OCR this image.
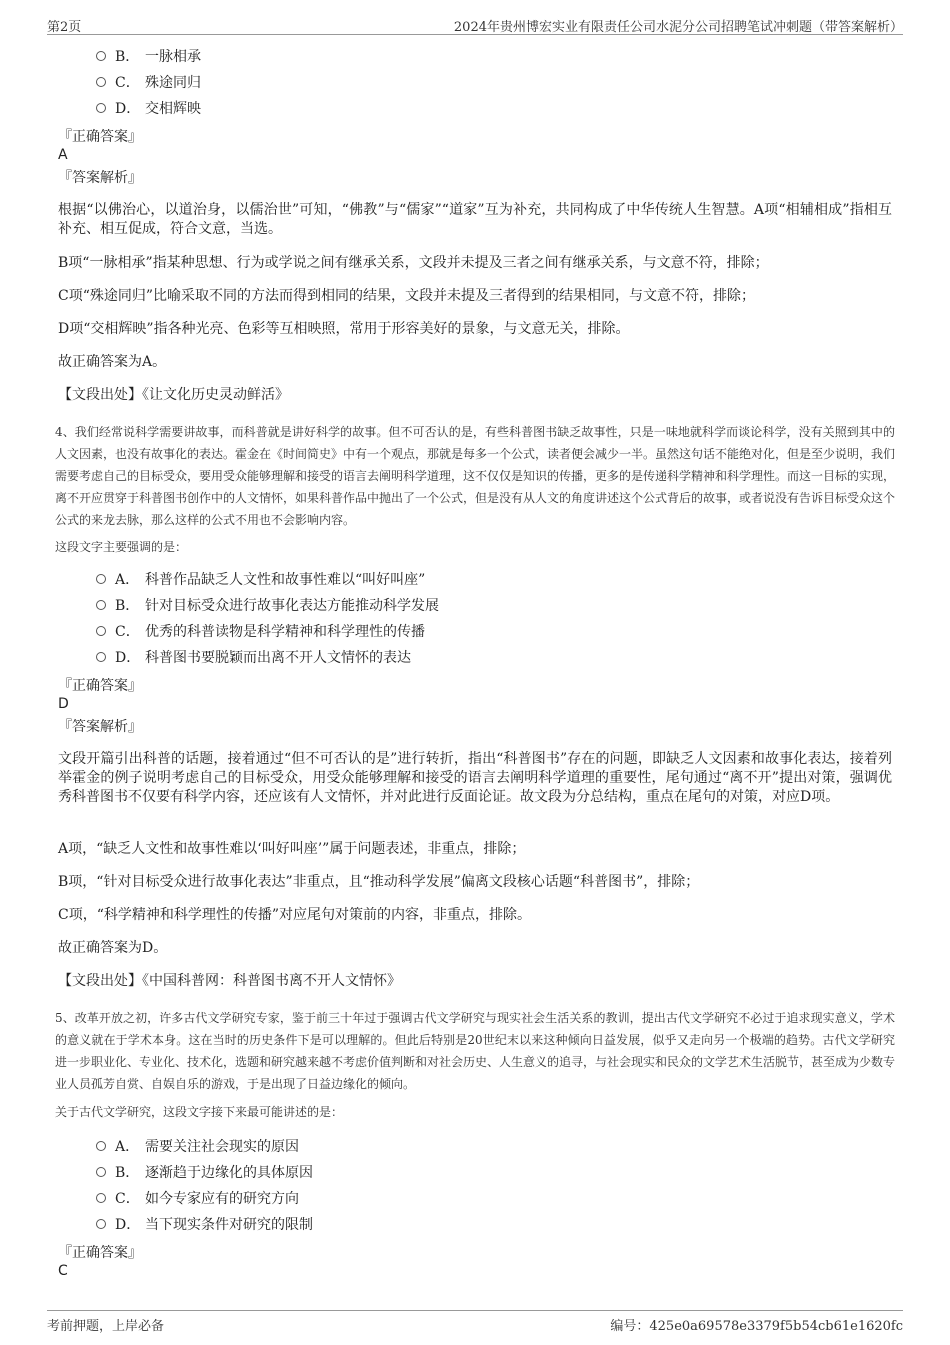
第2页	2024年贵州博宏实业有限责任公司水泥分公司招聘笔试冲刺题（带答案解析）
B． 一脉相承
C． 殊途同归
D． 交相辉映
『正确答案』
A
『答案解析』
根据“以佛治心，以道治身，以儒治世”可知，“佛教”与“儒家”“道家”互为补充，共同构成了中华传统人生智慧。A项“相辅相成”指相互补充、相互促成，符合文意，当选。
B项“一脉相承”指某种思想、行为或学说之间有继承关系，文段并未提及三者之间有继承关系，与文意不符，排除；
C项“殊途同归”比喻采取不同的方法而得到相同的结果，文段并未提及三者得到的结果相同，与文意不符，排除；
D项“交相辉映”指各种光亮、色彩等互相映照，常用于形容美好的景象，与文意无关，排除。
故正确答案为A。
【文段出处】《让文化历史灵动鲜活》
4、我们经常说科学需要讲故事，而科普就是讲好科学的故事。但不可否认的是，有些科普图书缺乏故事性，只是一味地就科学而谈论科学，没有关照到其中的人文因素，也没有故事化的表达。霍金在《时间简史》中有一个观点，那就是每多一个公式，读者便会减少一半。虽然这句话不能绝对化，但是至少说明，我们需要考虑自己的目标受众，要用受众能够理解和接受的语言去阐明科学道理，这不仅仅是知识的传播，更多的是传递科学精神和科学理性。而这一目标的实现，离不开应贯穿于科普图书创作中的人文情怀，如果科普作品中抛出了一个公式，但是没有从人文的角度讲述这个公式背后的故事，或者说没有告诉目标受众这个公式的来龙去脉，那么这样的公式不用也不会影响内容。
这段文字主要强调的是：
A． 科普作品缺乏人文性和故事性难以“叫好叫座”
B． 针对目标受众进行故事化表达方能推动科学发展
C． 优秀的科普读物是科学精神和科学理性的传播
D． 科普图书要脱颖而出离不开人文情怀的表达
『正确答案』
D
『答案解析』
文段开篇引出科普的话题，接着通过“但不可否认的是”进行转折，指出“科普图书”存在的问题，即缺乏人文因素和故事化表达，接着列举霍金的例子说明考虑自己的目标受众，用受众能够理解和接受的语言去阐明科学道理的重要性，尾句通过“离不开”提出对策，强调优秀科普图书不仅要有科学内容，还应该有人文情怀，并对此进行反面论证。故文段为分总结构，重点在尾句的对策，对应D项。
A项，“缺乏人文性和故事性难以‘叫好叫座’”属于问题表述，非重点，排除；
B项，“针对目标受众进行故事化表达”非重点，且“推动科学发展”偏离文段核心话题“科普图书”，排除；
C项，“科学精神和科学理性的传播”对应尾句对策前的内容，非重点，排除。
故正确答案为D。
【文段出处】《中国科普网：科普图书离不开人文情怀》
5、改革开放之初，许多古代文学研究专家，鉴于前三十年过于强调古代文学研究与现实社会生活关系的教训，提出古代文学研究不必过于追求现实意义，学术的意义就在于学术本身。这在当时的历史条件下是可以理解的。但此后特别是20世纪末以来这种倾向日益发展，似乎又走向另一个极端的趋势。古代文学研究进一步职业化、专业化、技术化，选题和研究越来越不考虑价值判断和对社会历史、人生意义的追寻，与社会现实和民众的文学艺术生活脱节，甚至成为少数专业人员孤芳自赏、自娱自乐的游戏，于是出现了日益边缘化的倾向。
关于古代文学研究，这段文字接下来最可能讲述的是：
A． 需要关注社会现实的原因
B． 逐渐趋于边缘化的具体原因
C． 如今专家应有的研究方向
D． 当下现实条件对研究的限制
『正确答案』
C
考前押题，上岸必备	编号：425e0a69578e3379f5b54cb61e1620fc
